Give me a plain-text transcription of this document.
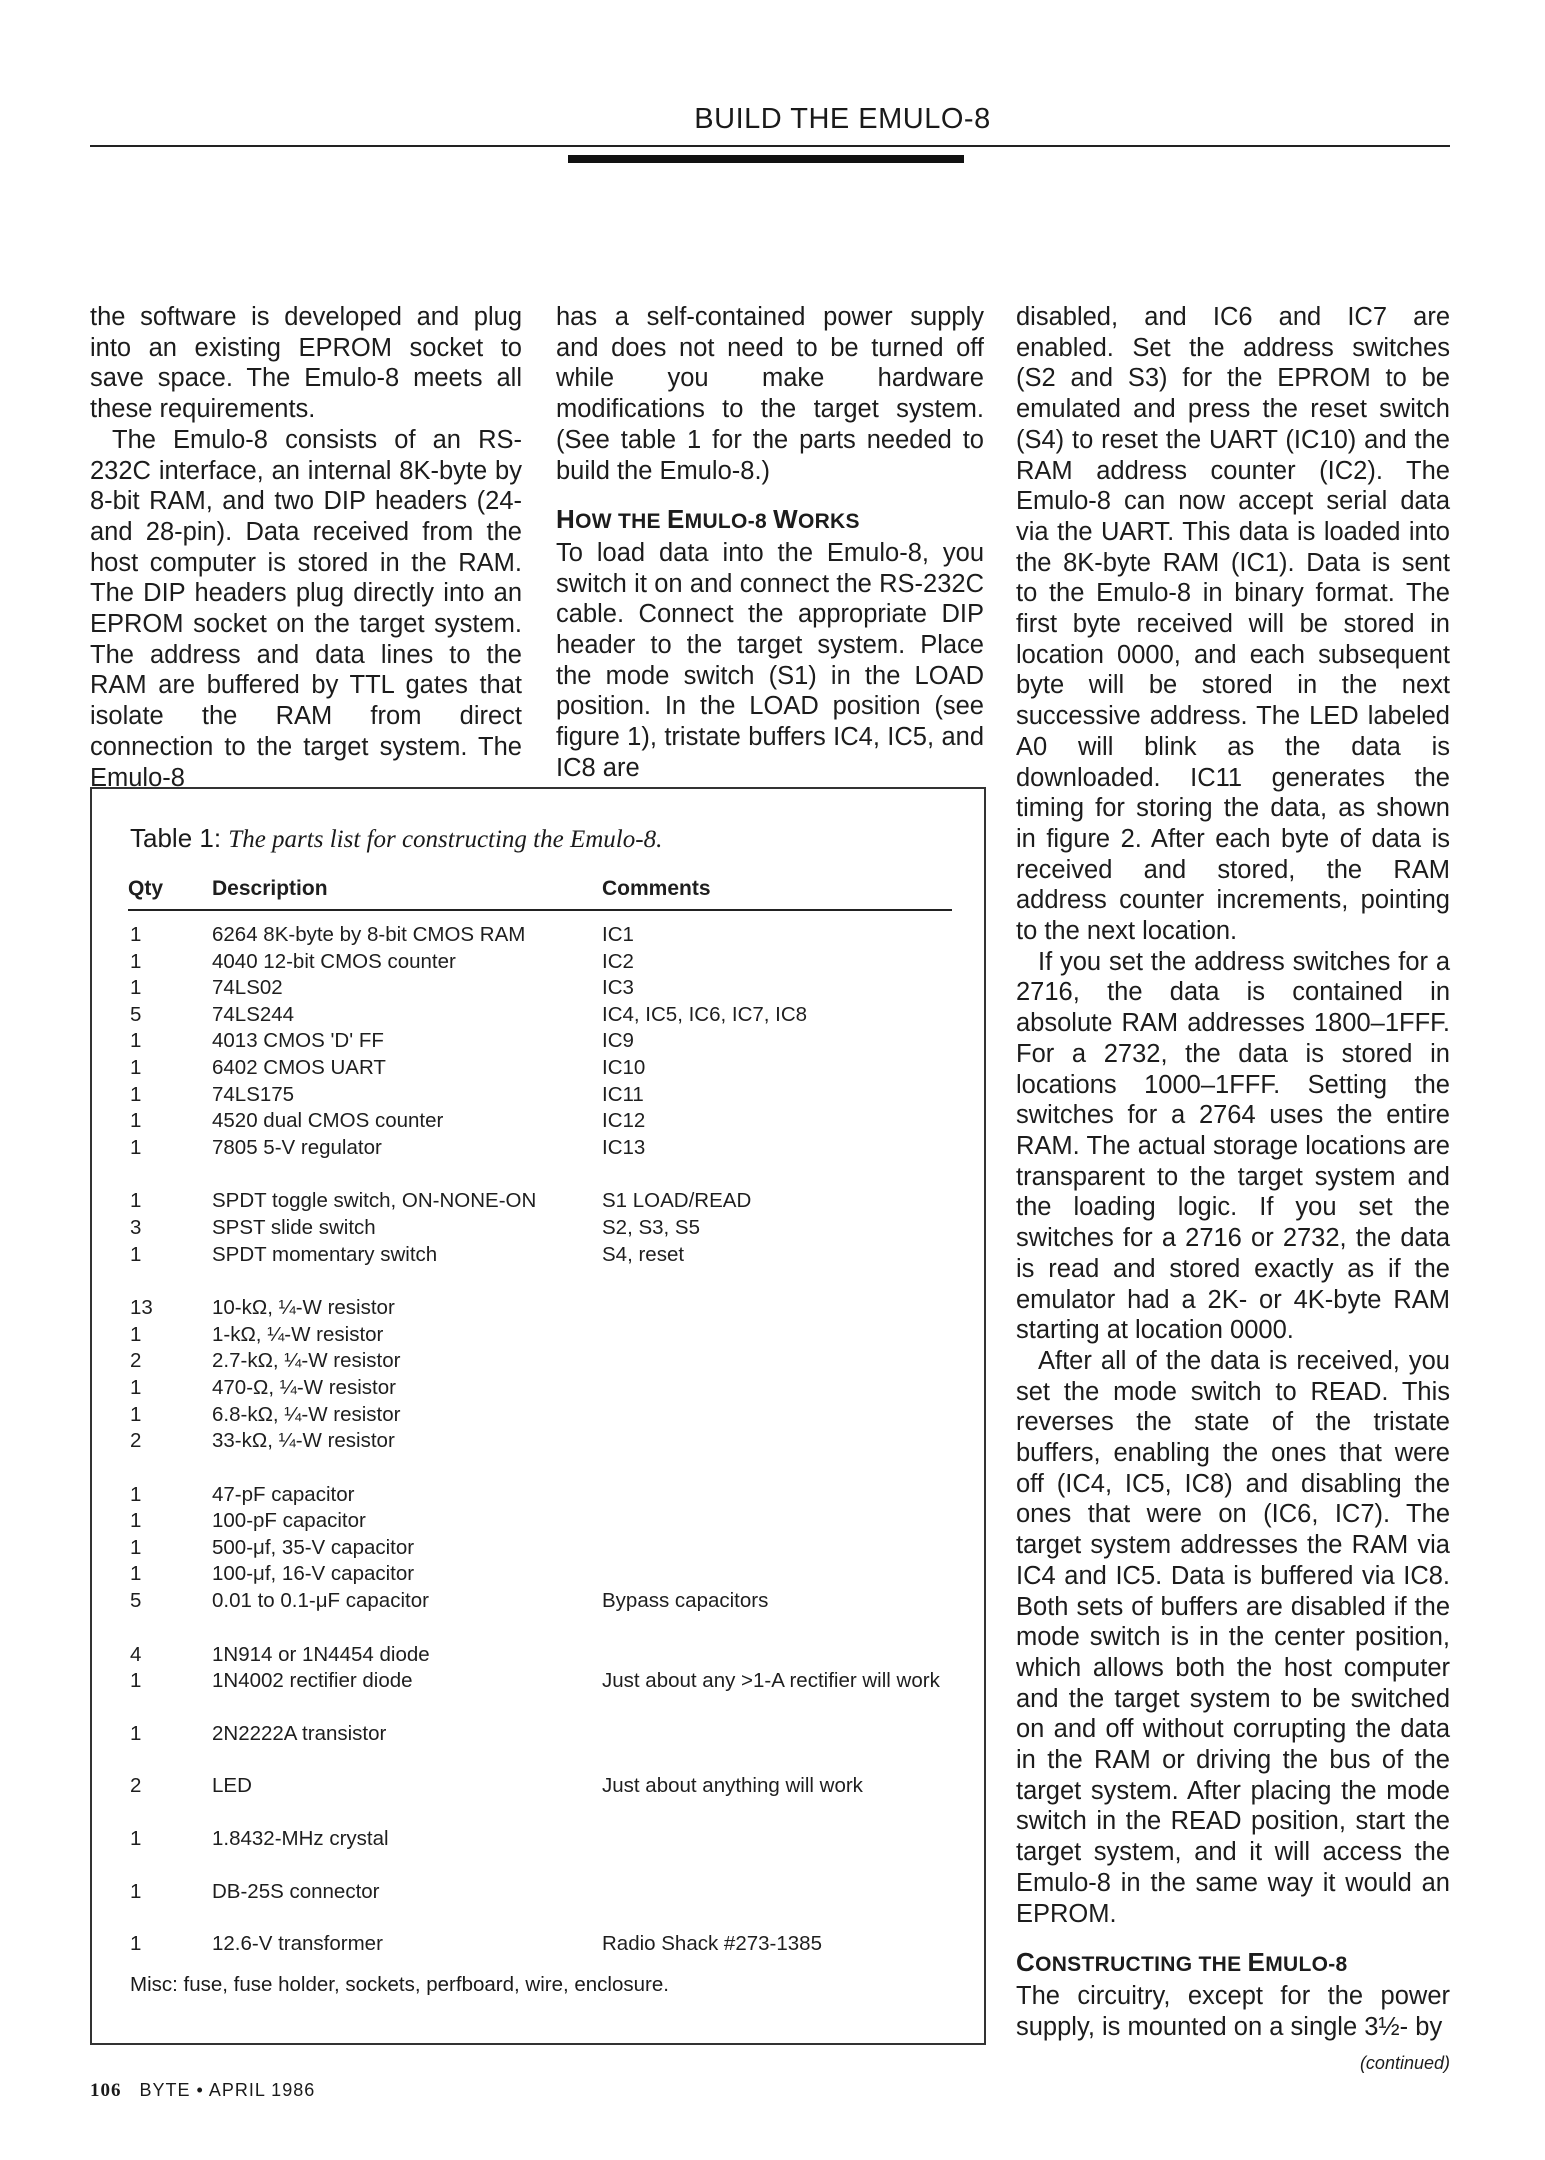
BUILD THE EMULO-8

the software is developed and plug into an existing EPROM socket to save space. The Emulo-8 meets all these requirements.

The Emulo-8 consists of an RS-232C interface, an internal 8K-byte by 8-bit RAM, and two DIP headers (24- and 28-pin). Data received from the host computer is stored in the RAM. The DIP headers plug directly into an EPROM socket on the target system. The address and data lines to the RAM are buffered by TTL gates that isolate the RAM from direct connection to the target system. The Emulo-8

has a self-contained power supply and does not need to be turned off while you make hardware modifications to the target system. (See table 1 for the parts needed to build the Emulo-8.)

HOW THE EMULO-8 WORKS

To load data into the Emulo-8, you switch it on and connect the RS-232C cable. Connect the appropriate DIP header to the target system. Place the mode switch (S1) in the LOAD position. In the LOAD position (see figure 1), tristate buffers IC4, IC5, and IC8 are

disabled, and IC6 and IC7 are enabled. Set the address switches (S2 and S3) for the EPROM to be emulated and press the reset switch (S4) to reset the UART (IC10) and the RAM address counter (IC2). The Emulo-8 can now accept serial data via the UART. This data is loaded into the 8K-byte RAM (IC1). Data is sent to the Emulo-8 in binary format. The first byte received will be stored in location 0000, and each subsequent byte will be stored in the next successive address. The LED labeled A0 will blink as the data is downloaded. IC11 generates the timing for storing the data, as shown in figure 2. After each byte of data is received and stored, the RAM address counter increments, pointing to the next location.

If you set the address switches for a 2716, the data is contained in absolute RAM addresses 1800–1FFF. For a 2732, the data is stored in locations 1000–1FFF. Setting the switches for a 2764 uses the entire RAM. The actual storage locations are transparent to the target system and the loading logic. If you set the switches for a 2716 or 2732, the data is read and stored exactly as if the emulator had a 2K- or 4K-byte RAM starting at location 0000.

After all of the data is received, you set the mode switch to READ. This reverses the state of the tristate buffers, enabling the ones that were off (IC4, IC5, IC8) and disabling the ones that were on (IC6, IC7). The target system addresses the RAM via IC4 and IC5. Data is buffered via IC8. Both sets of buffers are disabled if the mode switch is in the center position, which allows both the host computer and the target system to be switched on and off without corrupting the data in the RAM or driving the bus of the target system. After placing the mode switch in the READ position, start the target system, and it will access the Emulo-8 in the same way it would an EPROM.

CONSTRUCTING THE EMULO-8

The circuitry, except for the power supply, is mounted on a single 3½- by

(continued)

Table 1: The parts list for constructing the Emulo-8.
Qty	Description	Comments
1	6264 8K-byte by 8-bit CMOS RAM	IC1
1	4040 12-bit CMOS counter	IC2
1	74LS02	IC3
5	74LS244	IC4, IC5, IC6, IC7, IC8
1	4013 CMOS 'D' FF	IC9
1	6402 CMOS UART	IC10
1	74LS175	IC11
1	4520 dual CMOS counter	IC12
1	7805 5-V regulator	IC13
1	SPDT toggle switch, ON-NONE-ON	S1 LOAD/READ
3	SPST slide switch	S2, S3, S5
1	SPDT momentary switch	S4, reset
13	10-kΩ, ¼-W resistor	
1	1-kΩ, ¼-W resistor	
2	2.7-kΩ, ¼-W resistor	
1	470-Ω, ¼-W resistor	
1	6.8-kΩ, ¼-W resistor	
2	33-kΩ, ¼-W resistor	
1	47-pF capacitor	
1	100-pF capacitor	
1	500-μf, 35-V capacitor	
1	100-μf, 16-V capacitor	
5	0.01 to 0.1-μF capacitor	Bypass capacitors
4	1N914 or 1N4454 diode	
1	1N4002 rectifier diode	Just about any >1-A rectifier will work
1	2N2222A transistor	
2	LED	Just about anything will work
1	1.8432-MHz crystal	
1	DB-25S connector	
1	12.6-V transformer	Radio Shack #273-1385
Misc: fuse, fuse holder, sockets, perfboard, wire, enclosure.
106 BYTE • APRIL 1986
